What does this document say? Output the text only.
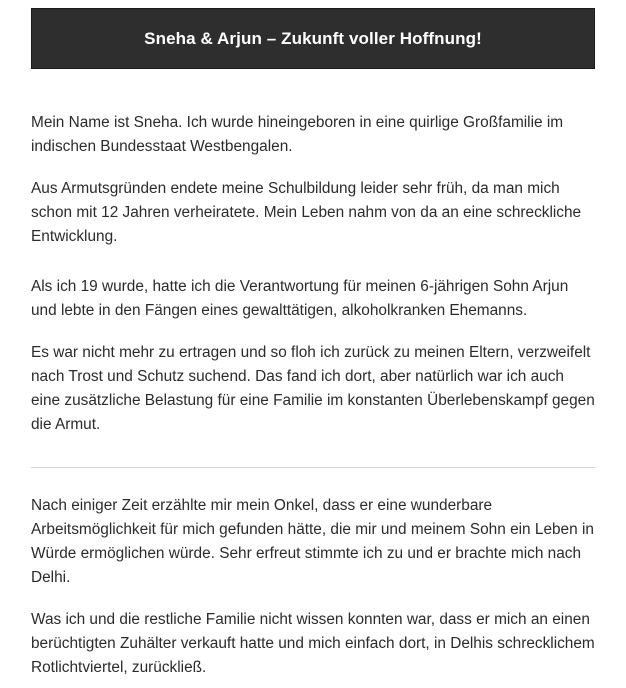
Sneha & Arjun – Zukunft voller Hoffnung!

Mein Name ist Sneha. Ich wurde hineingeboren in eine quirlige Großfamilie im indischen Bundesstaat Westbengalen.

Aus Armutsgründen endete meine Schulbildung leider sehr früh, da man mich schon mit 12 Jahren verheiratete. Mein Leben nahm von da an eine schreckliche Entwicklung.

Als ich 19 wurde, hatte ich die Verantwortung für meinen 6-jährigen Sohn Arjun und lebte in den Fängen eines gewalttätigen, alkoholkranken Ehemanns.

Es war nicht mehr zu ertragen und so floh ich zurück zu meinen Eltern, verzweifelt nach Trost und Schutz suchend. Das fand ich dort, aber natürlich war ich auch eine zusätzliche Belastung für eine Familie im konstanten Überlebenskampf gegen die Armut.

Nach einiger Zeit erzählte mir mein Onkel, dass er eine wunderbare Arbeitsmöglichkeit für mich gefunden hätte, die mir und meinem Sohn ein Leben in Würde ermöglichen würde. Sehr erfreut stimmte ich zu und er brachte mich nach Delhi.

Was ich und die restliche Familie nicht wissen konnten war, dass er mich an einen berüchtigten Zuhälter verkauft hatte und mich einfach dort, in Delhis schrecklichem Rotlichtviertel, zurückließ.
